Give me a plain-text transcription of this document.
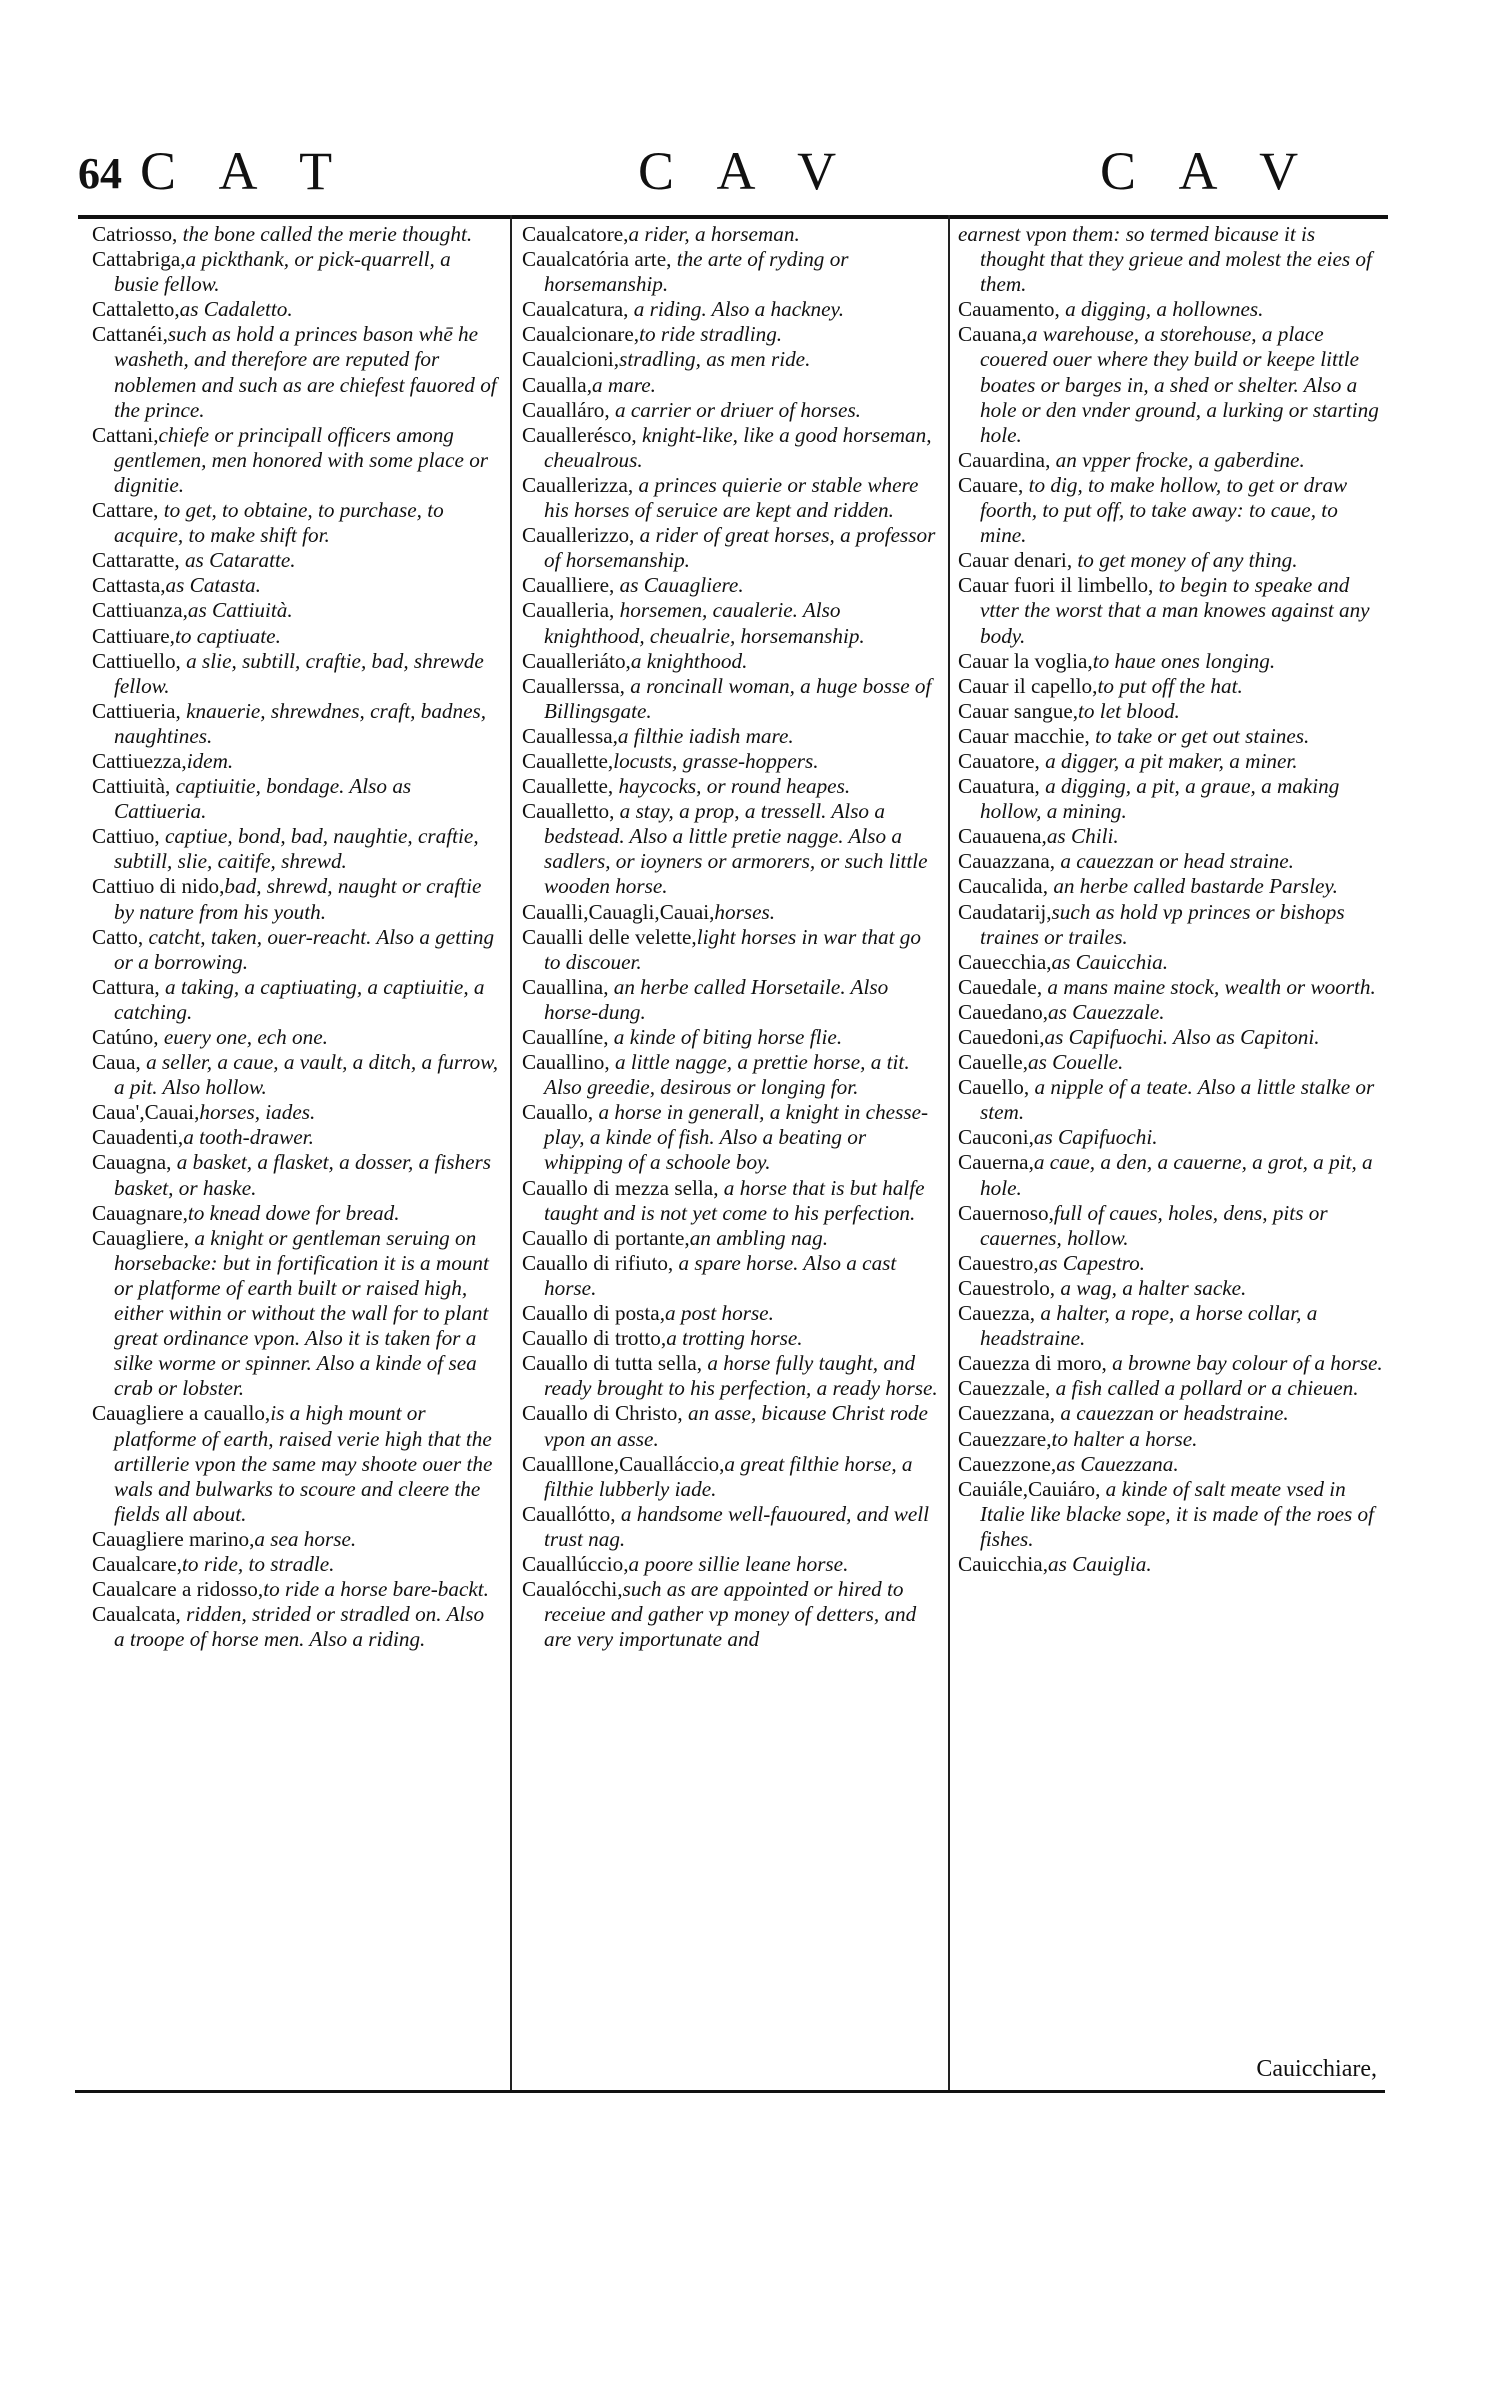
64 C A T	C A V	C A V

Catriosso, the bone called the merie thought.

Cattabriga,a pickthank, or pick-quarrell, a busie fellow.

Cattaletto,as Cadaletto.

Cattanéi,such as hold a princes bason whē he washeth, and therefore are reputed for noblemen and such as are chiefest fauored of the prince.

Cattani,chiefe or principall officers among gentlemen, men honored with some place or dignitie.

Cattare, to get, to obtaine, to purchase, to acquire, to make shift for.

Cattaratte, as Cataratte.

Cattasta,as Catasta.

Cattiuanza,as Cattiuità.

Cattiuare,to captiuate.

Cattiuello, a slie, subtill, craftie, bad, shrewde fellow.

Cattiueria, knauerie, shrewdnes, craft, badnes, naughtines.

Cattiuezza,idem.

Cattiuità, captiuitie, bondage. Also as Cattiueria.

Cattiuo, captiue, bond, bad, naughtie, craftie, subtill, slie, caitife, shrewd.

Cattiuo di nido,bad, shrewd, naught or craftie by nature from his youth.

Catto, catcht, taken, ouer-reacht. Also a getting or a borrowing.

Cattura, a taking, a captiuating, a captiuitie, a catching.

Catúno, euery one, ech one.

Caua, a seller, a caue, a vault, a ditch, a furrow, a pit. Also hollow.

Caua',Cauai,horses, iades.

Cauadenti,a tooth-drawer.

Cauagna, a basket, a flasket, a dosser, a fishers basket, or haske.

Cauagnare,to knead dowe for bread.

Cauagliere, a knight or gentleman seruing on horsebacke: but in fortification it is a mount or platforme of earth built or raised high, either within or without the wall for to plant great ordinance vpon. Also it is taken for a silke worme or spinner. Also a kinde of sea crab or lobster.

Cauagliere a cauallo,is a high mount or platforme of earth, raised verie high that the artillerie vpon the same may shoote ouer the wals and bulwarks to scoure and cleere the fields all about.

Cauagliere marino,a sea horse.

Caualcare,to ride, to stradle.

Caualcare a ridosso,to ride a horse bare-backt.

Caualcata, ridden, strided or stradled on. Also a troope of horse men. Also a riding.

Caualcatore,a rider, a horseman.

Caualcatória arte, the arte of ryding or horsemanship.

Caualcatura, a riding. Also a hackney.

Caualcionare,to ride stradling.

Caualcioni,stradling, as men ride.

Caualla,a mare.

Caualláro, a carrier or driuer of horses.

Cauallerésco, knight-like, like a good horseman, cheualrous.

Cauallerizza, a princes quierie or stable where his horses of seruice are kept and ridden.

Cauallerizzo, a rider of great horses, a professor of horsemanship.

Caualliere, as Cauagliere.

Caualleria, horsemen, caualerie. Also knighthood, cheualrie, horsemanship.

Caualleriáto,a knighthood.

Cauallerssa, a roncinall woman, a huge bosse of Billingsgate.

Cauallessa,a filthie iadish mare.

Cauallette,locusts, grasse-hoppers.

Cauallette, haycocks, or round heapes.

Caualletto, a stay, a prop, a tressell. Also a bedstead. Also a little pretie nagge. Also a sadlers, or ioyners or armorers, or such little wooden horse.

Caualli,Cauagli,Cauai,horses.

Caualli delle velette,light horses in war that go to discouer.

Cauallina, an herbe called Horsetaile. Also horse-dung.

Cauallíne, a kinde of biting horse flie.

Cauallino, a little nagge, a prettie horse, a tit. Also greedie, desirous or longing for.

Cauallo, a horse in generall, a knight in chesse-play, a kinde of fish. Also a beating or whipping of a schoole boy.

Cauallo di mezza sella, a horse that is but halfe taught and is not yet come to his perfection.

Cauallo di portante,an ambling nag.

Cauallo di rifiuto, a spare horse. Also a cast horse.

Cauallo di posta,a post horse.

Cauallo di trotto,a trotting horse.

Cauallo di tutta sella, a horse fully taught, and ready brought to his perfection, a ready horse.

Cauallo di Christo, an asse, bicause Christ rode vpon an asse.

Caualllone,Caualláccio,a great filthie horse, a filthie lubberly iade.

Cauallótto, a handsome well-fauoured, and well trust nag.

Cauallúccio,a poore sillie leane horse.

Caualócchi,such as are appointed or hired to receiue and gather vp money of detters, and are very importunate and

earnest vpon them: so termed bicause it is thought that they grieue and molest the eies of them.

Cauamento, a digging, a hollownes.

Cauana,a warehouse, a storehouse, a place couered ouer where they build or keepe little boates or barges in, a shed or shelter. Also a hole or den vnder ground, a lurking or starting hole.

Cauardina, an vpper frocke, a gaberdine.

Cauare, to dig, to make hollow, to get or draw foorth, to put off, to take away: to caue, to mine.

Cauar denari, to get money of any thing.

Cauar fuori il limbello, to begin to speake and vtter the worst that a man knowes against any body.

Cauar la voglia,to haue ones longing.

Cauar il capello,to put off the hat.

Cauar sangue,to let blood.

Cauar macchie, to take or get out staines.

Cauatore, a digger, a pit maker, a miner.

Cauatura, a digging, a pit, a graue, a making hollow, a mining.

Cauauena,as Chili.

Cauazzana, a cauezzan or head straine.

Caucalida, an herbe called bastarde Parsley.

Caudatarij,such as hold vp princes or bishops traines or trailes.

Cauecchia,as Cauicchia.

Cauedale, a mans maine stock, wealth or woorth.

Cauedano,as Cauezzale.

Cauedoni,as Capifuochi. Also as Capitoni.

Cauelle,as Couelle.

Cauello, a nipple of a teate. Also a little stalke or stem.

Cauconi,as Capifuochi.

Cauerna,a caue, a den, a cauerne, a grot, a pit, a hole.

Cauernoso,full of caues, holes, dens, pits or cauernes, hollow.

Cauestro,as Capestro.

Cauestrolo, a wag, a halter sacke.

Cauezza, a halter, a rope, a horse collar, a headstraine.

Cauezza di moro, a browne bay colour of a horse.

Cauezzale, a fish called a pollard or a chieuen.

Cauezzana, a cauezzan or headstraine.

Cauezzare,to halter a horse.

Cauezzone,as Cauezzana.

Cauiále,Cauiáro, a kinde of salt meate vsed in Italie like blacke sope, it is made of the roes of fishes.

Cauicchia,as Cauiglia.

Cauicchiare,
